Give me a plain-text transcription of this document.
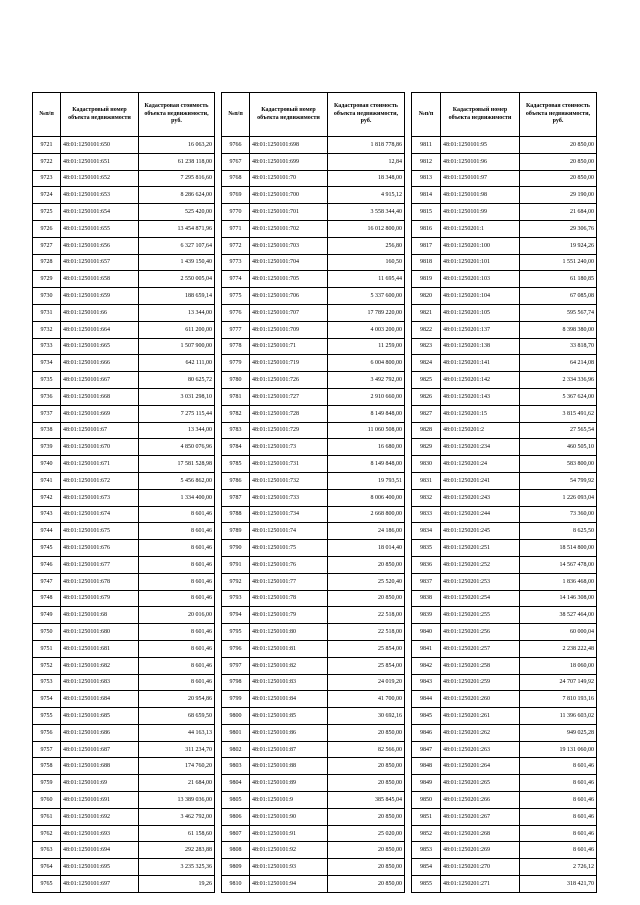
№п/п	Кадастровый номер объекта недвижимости	Кадастровая стоимость объекта недвижимости, руб.
9721	48:01:1250101:650	16 063,20
9722	48:01:1250101:651	61 238 118,00
9723	48:01:1250101:652	7 295 816,60
9724	48:01:1250101:653	8 286 624,00
9725	48:01:1250101:654	525 420,00
9726	48:01:1250101:655	13 454 871,96
9727	48:01:1250101:656	6 327 107,64
9728	48:01:1250101:657	1 439 150,40
9729	48:01:1250101:658	2 550 005,04
9730	48:01:1250101:659	188 659,14
9731	48:01:1250101:66	13 344,00
9732	48:01:1250101:664	611 200,00
9733	48:01:1250101:665	1 507 900,00
9734	48:01:1250101:666	642 111,00
9735	48:01:1250101:667	80 625,72
9736	48:01:1250101:668	3 031 298,10
9737	48:01:1250101:669	7 275 115,44
9738	48:01:1250101:67	13 344,00
9739	48:01:1250101:670	4 850 076,96
9740	48:01:1250101:671	17 581 528,98
9741	48:01:1250101:672	5 456 862,00
9742	48:01:1250101:673	1 334 400,00
9743	48:01:1250101:674	8 601,46
9744	48:01:1250101:675	8 601,46
9745	48:01:1250101:676	8 601,46
9746	48:01:1250101:677	8 601,46
9747	48:01:1250101:678	8 601,46
9748	48:01:1250101:679	8 601,46
9749	48:01:1250101:68	20 016,00
9750	48:01:1250101:680	8 601,46
9751	48:01:1250101:681	8 601,46
9752	48:01:1250101:682	8 601,46
9753	48:01:1250101:683	8 601,46
9754	48:01:1250101:684	20 954,86
9755	48:01:1250101:685	68 659,50
9756	48:01:1250101:686	44 163,13
9757	48:01:1250101:687	311 234,70
9758	48:01:1250101:688	174 760,20
9759	48:01:1250101:69	21 684,00
9760	48:01:1250101:691	13 389 036,00
9761	48:01:1250101:692	3 462 792,00
9762	48:01:1250101:693	61 158,60
9763	48:01:1250101:694	292 283,88
9764	48:01:1250101:695	3 235 325,36
9765	48:01:1250101:697	19,26
№п/п	Кадастровый номер объекта недвижимости	Кадастровая стоимость объекта недвижимости, руб.
9766	48:01:1250101:698	1 818 778,86
9767	48:01:1250101:699	12,84
9768	48:01:1250101:70	18 348,00
9769	48:01:1250101:700	4 915,12
9770	48:01:1250101:701	3 558 344,40
9771	48:01:1250101:702	16 012 800,00
9772	48:01:1250101:703	256,80
9773	48:01:1250101:704	160,50
9774	48:01:1250101:705	11 695,44
9775	48:01:1250101:706	5 337 600,00
9776	48:01:1250101:707	17 789 220,00
9777	48:01:1250101:709	4 003 200,00
9778	48:01:1250101:71	11 259,00
9779	48:01:1250101:719	6 004 800,00
9780	48:01:1250101:726	3 492 792,00
9781	48:01:1250101:727	2 910 660,00
9782	48:01:1250101:728	8 149 848,00
9783	48:01:1250101:729	11 060 508,00
9784	48:01:1250101:73	16 680,00
9785	48:01:1250101:731	8 149 848,00
9786	48:01:1250101:732	19 793,51
9787	48:01:1250101:733	8 006 400,00
9788	48:01:1250101:734	2 668 800,00
9789	48:01:1250101:74	24 186,00
9790	48:01:1250101:75	18 014,40
9791	48:01:1250101:76	20 850,00
9792	48:01:1250101:77	25 520,40
9793	48:01:1250101:78	20 850,00
9794	48:01:1250101:79	22 518,00
9795	48:01:1250101:80	22 518,00
9796	48:01:1250101:81	25 854,00
9797	48:01:1250101:82	25 854,00
9798	48:01:1250101:83	24 019,20
9799	48:01:1250101:84	41 700,00
9800	48:01:1250101:85	30 692,16
9801	48:01:1250101:86	20 850,00
9802	48:01:1250101:87	82 566,00
9803	48:01:1250101:88	20 850,00
9804	48:01:1250101:89	20 850,00
9805	48:01:1250101:9	385 845,04
9806	48:01:1250101:90	20 850,00
9807	48:01:1250101:91	25 020,00
9808	48:01:1250101:92	20 850,00
9809	48:01:1250101:93	20 850,00
9810	48:01:1250101:94	20 850,00
№п/п	Кадастровый номер объекта недвижимости	Кадастровая стоимость объекта недвижимости, руб.
9811	48:01:1250101:95	20 850,00
9812	48:01:1250101:96	20 850,00
9813	48:01:1250101:97	20 850,00
9814	48:01:1250101:98	29 190,00
9815	48:01:1250101:99	21 684,00
9816	48:01:1250201:1	29 306,76
9817	48:01:1250201:100	19 924,26
9818	48:01:1250201:101	1 551 240,00
9819	48:01:1250201:103	61 180,85
9820	48:01:1250201:104	67 085,08
9821	48:01:1250201:105	595 567,74
9822	48:01:1250201:137	8 398 380,00
9823	48:01:1250201:138	33 818,70
9824	48:01:1250201:141	64 214,08
9825	48:01:1250201:142	2 334 336,96
9826	48:01:1250201:143	5 367 624,00
9827	48:01:1250201:15	3 815 491,62
9828	48:01:1250201:2	27 565,54
9829	48:01:1250201:234	460 505,10
9830	48:01:1250201:24	583 800,00
9831	48:01:1250201:241	54 799,92
9832	48:01:1250201:243	1 226 093,04
9833	48:01:1250201:244	73 360,00
9834	48:01:1250201:245	8 625,50
9835	48:01:1250201:251	18 514 800,00
9836	48:01:1250201:252	14 567 478,00
9837	48:01:1250201:253	1 836 468,00
9838	48:01:1250201:254	14 146 308,00
9839	48:01:1250201:255	38 527 464,00
9840	48:01:1250201:256	60 000,04
9841	48:01:1250201:257	2 238 222,48
9842	48:01:1250201:258	18 060,00
9843	48:01:1250201:259	24 707 149,92
9844	48:01:1250201:260	7 810 193,16
9845	48:01:1250201:261	11 396 603,02
9846	48:01:1250201:262	949 025,28
9847	48:01:1250201:263	19 131 060,00
9848	48:01:1250201:264	8 601,46
9849	48:01:1250201:265	8 601,46
9850	48:01:1250201:266	8 601,46
9851	48:01:1250201:267	8 601,46
9852	48:01:1250201:268	8 601,46
9853	48:01:1250201:269	8 601,46
9854	48:01:1250201:270	2 726,12
9855	48:01:1250201:271	318 421,70
